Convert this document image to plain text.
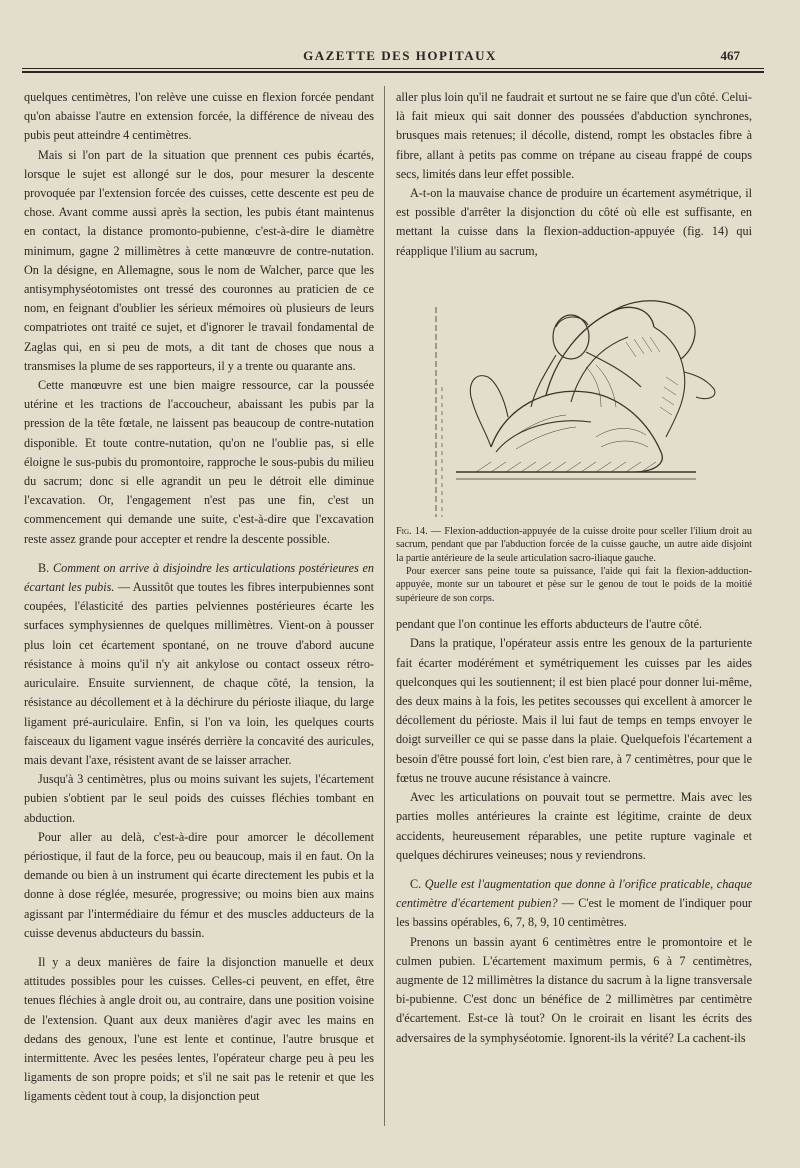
GAZETTE DES HOPITAUX	467

quelques centimètres, l'on relève une cuisse en flexion forcée pendant qu'on abaisse l'autre en extension forcée, la différence de niveau des pubis peut atteindre 4 centimètres.

Mais si l'on part de la situation que prennent ces pubis écartés, lorsque le sujet est allongé sur le dos, pour mesurer la descente provoquée par l'extension forcée des cuisses, cette descente est peu de chose. Avant comme aussi après la section, les pubis étant maintenus en contact, la distance promonto-pubienne, c'est-à-dire le diamètre minimum, gagne 2 millimètres à cette manœuvre de contre-nutation. On la désigne, en Allemagne, sous le nom de Walcher, parce que les antisymphyséotomistes ont tressé des couronnes au praticien de ce nom, en feignant d'oublier les sérieux mémoires où plusieurs de leurs compatriotes ont traité ce sujet, et d'ignorer le travail fondamental de Zaglas qui, en si peu de mots, a dit tant de choses que nous a transmises la plume de ses rapporteurs, il y a trente ou quarante ans.

Cette manœuvre est une bien maigre ressource, car la poussée utérine et les tractions de l'accoucheur, abaissant les pubis par la pression de la tête fœtale, ne laissent pas beaucoup de contre-nutation disponible. Et toute contre-nutation, qu'on ne l'oublie pas, si elle éloigne le sus-pubis du promontoire, rapproche le sous-pubis du milieu du sacrum; donc si elle agrandit un peu le détroit elle diminue l'excavation. Or, l'engagement n'est pas une fin, c'est un commencement qui demande une suite, c'est-à-dire que l'excavation reste assez grande pour accepter et rendre la descente possible.

B. Comment on arrive à disjoindre les articulations postérieures en écartant les pubis. — Aussitôt que toutes les fibres interpubiennes sont coupées, l'élasticité des parties pelviennes postérieures écarte les surfaces symphysiennes de quelques millimètres. Vient-on à pousser plus loin cet écartement spontané, on ne trouve d'abord aucune résistance à moins qu'il n'y ait ankylose ou contact osseux rétro-auriculaire. Ensuite surviennent, de chaque côté, la tension, la résistance au décollement et à la déchirure du périoste iliaque, du large ligament pré-auriculaire. Enfin, si l'on va loin, les quelques courts faisceaux du ligament vague insérés derrière la concavité des auricules, mais devant l'axe, résistent avant de se laisser arracher.

Jusqu'à 3 centimètres, plus ou moins suivant les sujets, l'écartement pubien s'obtient par le seul poids des cuisses fléchies tombant en abduction.

Pour aller au delà, c'est-à-dire pour amorcer le décollement périostique, il faut de la force, peu ou beaucoup, mais il en faut. On la demande ou bien à un instrument qui écarte directement les pubis et la donne à dose réglée, mesurée, progressive; ou moins bien aux mains agissant par l'intermédiaire du fémur et des muscles adducteurs de la cuisse devenus abducteurs du bassin.

Il y a deux manières de faire la disjonction manuelle et deux attitudes possibles pour les cuisses. Celles-ci peuvent, en effet, être tenues fléchies à angle droit ou, au contraire, dans une position voisine de l'extension. Quant aux deux manières d'agir avec les mains en dedans des genoux, l'une est lente et continue, l'autre brusque et intermittente. Avec les pesées lentes, l'opérateur charge peu à peu les ligaments de son propre poids; et s'il ne sait pas le retenir et que les ligaments cèdent tout à coup, la disjonction peut

aller plus loin qu'il ne faudrait et surtout ne se faire que d'un côté. Celui-là fait mieux qui sait donner des poussées d'abduction synchrones, brusques mais retenues; il décolle, distend, rompt les obstacles fibre à fibre, allant à petits pas comme on trépane au ciseau frappé de coups secs, limités dans leur effet possible.

A-t-on la mauvaise chance de produire un écartement asymétrique, il est possible d'arrêter la disjonction du côté où elle est suffisante, en mettant la cuisse dans la flexion-adduction-appuyée (fig. 14) qui réapplique l'ilium au sacrum,

Fig. 14. — Flexion-adduction-appuyée de la cuisse droite pour sceller l'ilium droit au sacrum, pendant que par l'abduction forcée de la cuisse gauche, un autre aide disjoint la partie antérieure de la seule articulation sacro-iliaque gauche.
Pour exercer sans peine toute sa puissance, l'aide qui fait la flexion-adduction-appuyée, monte sur un tabouret et pèse sur le genou de tout le poids de la moitié supérieure de son corps.

pendant que l'on continue les efforts abducteurs de l'autre côté.

Dans la pratique, l'opérateur assis entre les genoux de la parturiente fait écarter modérément et symétriquement les cuisses par les aides quelconques qui les soutiennent; il est bien placé pour donner lui-même, des deux mains à la fois, les petites secousses qui excellent à amorcer le décollement du périoste. Mais il lui faut de temps en temps envoyer le doigt surveiller ce qui se passe dans la plaie. Quelquefois l'écartement a besoin d'être poussé fort loin, c'est bien rare, à 7 centimètres, pour que le fœtus ne trouve aucune résistance à vaincre.

Avec les articulations on pouvait tout se permettre. Mais avec les parties molles antérieures la crainte est légitime, crainte de deux accidents, heureusement réparables, une petite rupture vaginale et quelques déchirures veineuses; nous y reviendrons.

C. Quelle est l'augmentation que donne à l'orifice praticable, chaque centimètre d'écartement pubien? — C'est le moment de l'indiquer pour les bassins opérables, 6, 7, 8, 9, 10 centimètres.

Prenons un bassin ayant 6 centimètres entre le promontoire et le culmen pubien. L'écartement maximum permis, 6 à 7 centimètres, augmente de 12 millimètres la distance du sacrum à la ligne transversale bi-pubienne. C'est donc un bénéfice de 2 millimètres par centimètre d'écartement. Est-ce là tout? On le croirait en lisant les écrits des adversaires de la symphyséotomie. Ignorent-ils la vérité? La cachent-ils
